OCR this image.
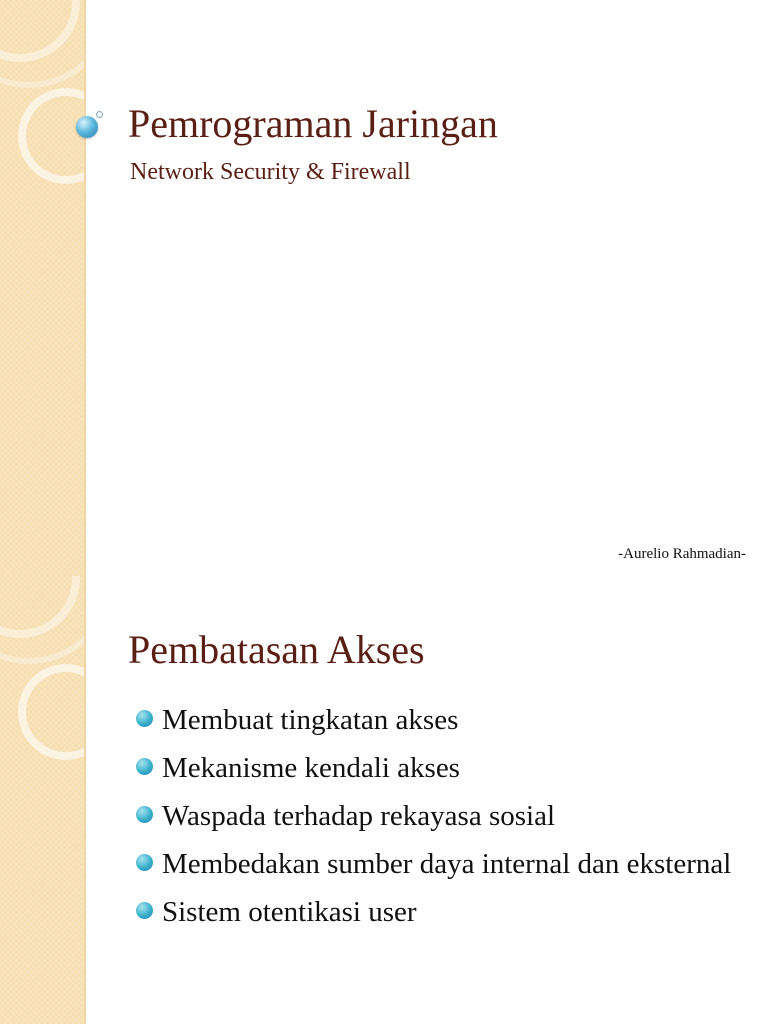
Pemrograman Jaringan
Network Security & Firewall
-Aurelio Rahmadian-
Pembatasan Akses
Membuat tingkatan akses
Mekanisme kendali akses
Waspada terhadap rekayasa sosial
Membedakan sumber daya internal dan eksternal
Sistem otentikasi user
